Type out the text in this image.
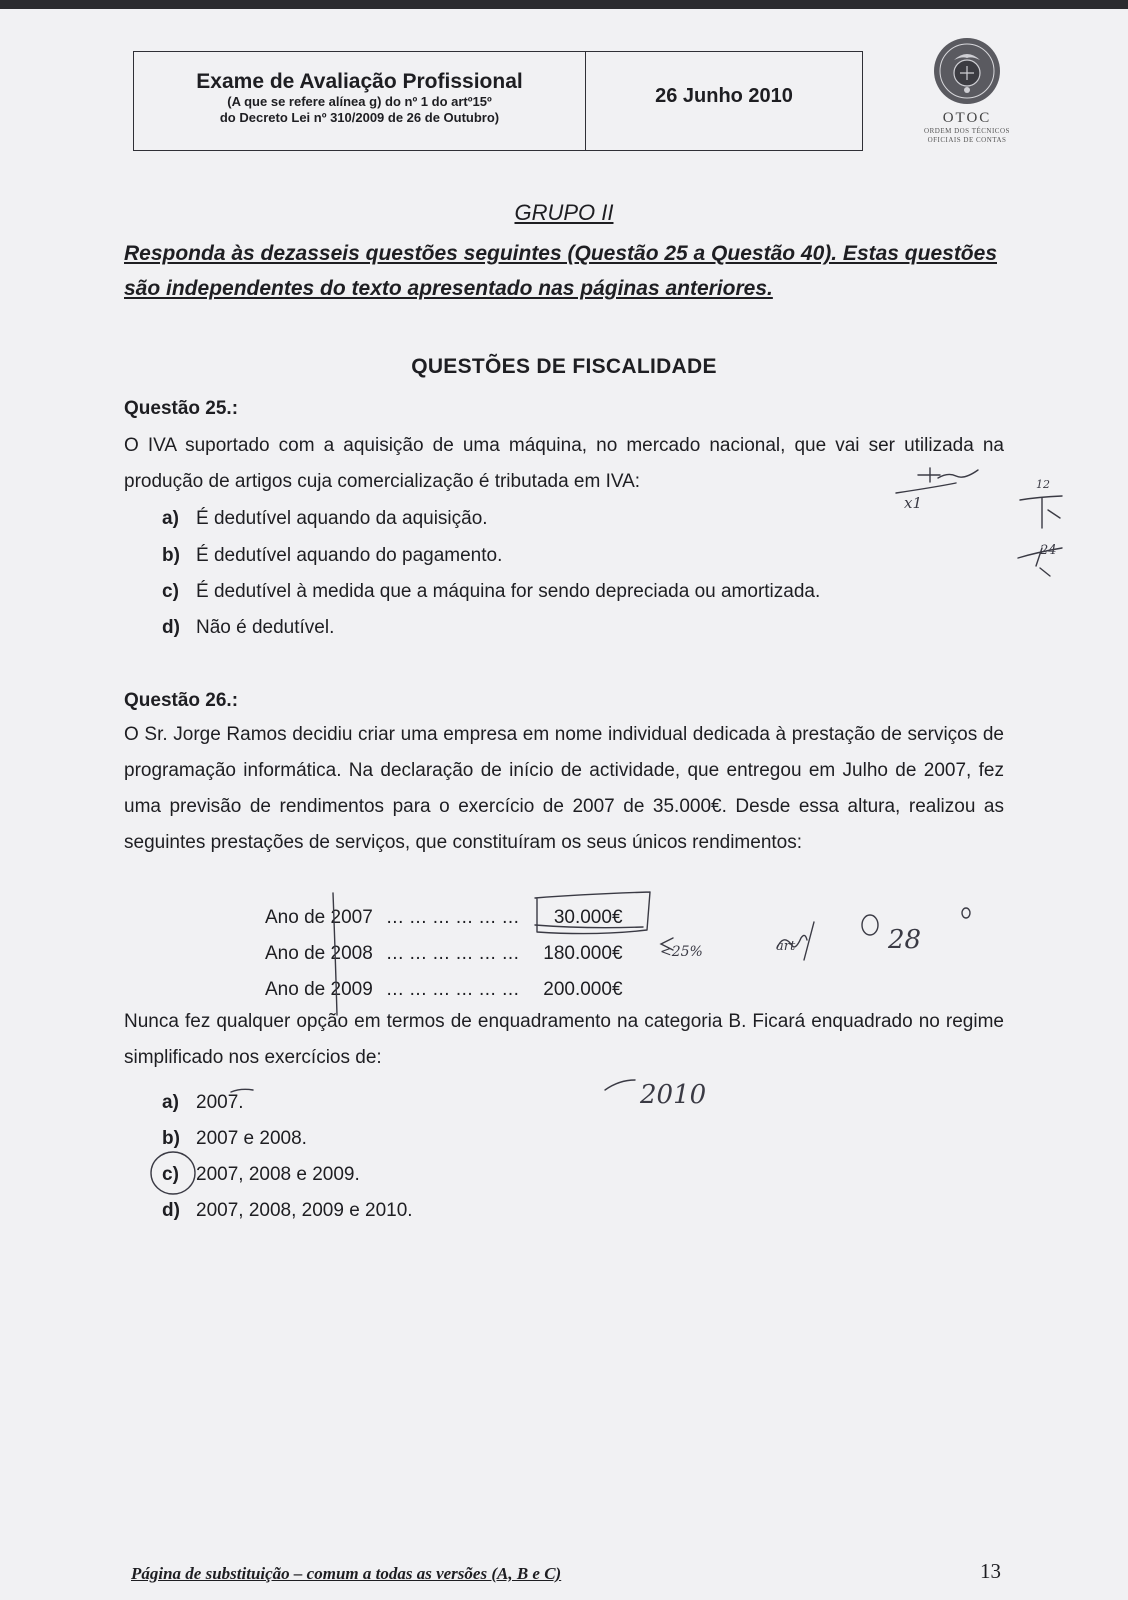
Exame de Avaliação Profissional
(A que se refere alínea g) do nº 1 do artº15º
do Decreto Lei nº 310/2009 de 26 de Outubro)
26 Junho 2010
OTOC
ORDEM DOS TÉCNICOS
OFICIAIS DE CONTAS
GRUPO II
Responda às dezasseis questões seguintes (Questão 25 a Questão 40). Estas questões são independentes do texto apresentado nas páginas anteriores.
QUESTÕES DE FISCALIDADE
Questão 25.:
O IVA suportado com a aquisição de uma máquina, no mercado nacional, que vai ser utilizada na produção de artigos cuja comercialização é tributada em IVA:
a) É dedutível aquando da aquisição.
b) É dedutível aquando do pagamento.
c) É dedutível à medida que a máquina for sendo depreciada ou amortizada.
d) Não é dedutível.
Questão 26.:
O Sr. Jorge Ramos decidiu criar uma empresa em nome individual dedicada à prestação de serviços de programação informática. Na declaração de início de actividade, que entregou em Julho de 2007, fez uma previsão de rendimentos para o exercício de 2007 de 35.000€. Desde essa altura, realizou as seguintes prestações de serviços, que constituíram os seus únicos rendimentos:
Ano de 2007 ... ... ... ... ... ... 30.000€
Ano de 2008 ... ... ... ... ... ... 180.000€
Ano de 2009 ... ... ... ... ... ... 200.000€
Nunca fez qualquer opção em termos de enquadramento na categoria B. Ficará enquadrado no regime simplificado nos exercícios de:
a) 2007.
b) 2007 e 2008.
c) 2007, 2008 e 2009.
d) 2007, 2008, 2009 e 2010.
x1
12
24
<25%	art	28
2010
Página de substituição – comum a todas as versões (A, B e C)	13
